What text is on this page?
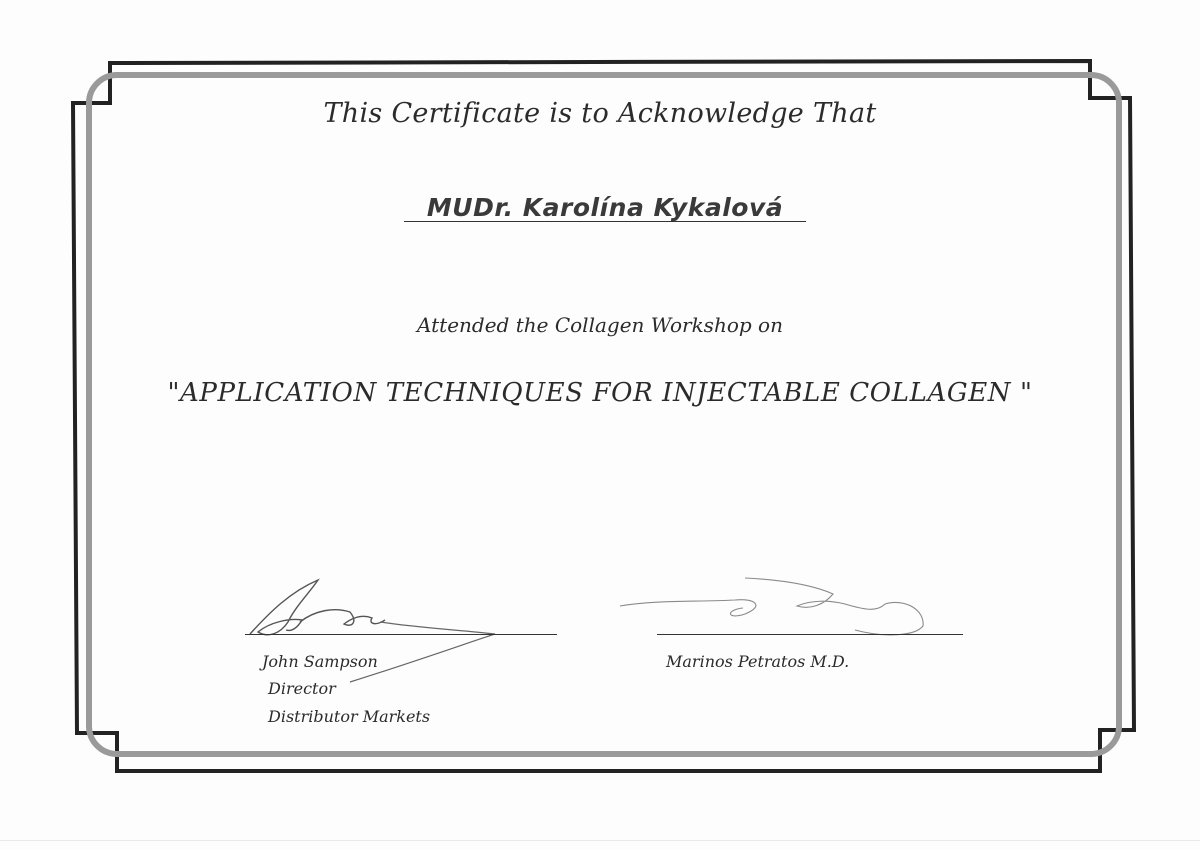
This Certificate is to Acknowledge That
MUDr. Karolína Kykalová
Attended the Collagen Workshop on
"APPLICATION TECHNIQUES FOR INJECTABLE COLLAGEN "
John Sampson
Director
Distributor Markets
Marinos Petratos M.D.
